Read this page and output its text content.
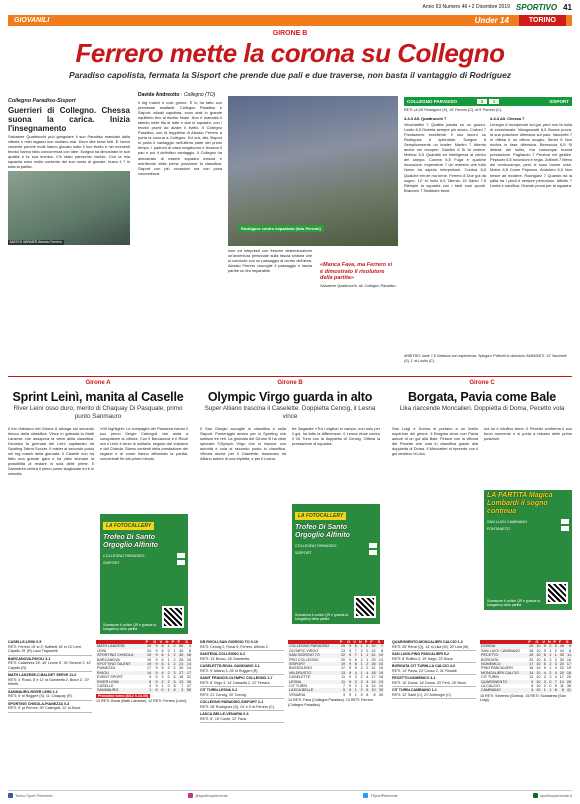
Anno 63 Numero 46 • 2 Dicembre 2019 SPORTIVO 41
GIOVANILI	Under 14	TORINO
GIRONE B
Ferrero mette la corona su Collegno
Paradiso capolista, fermata la Sisport che prende due pali e due traverse, non basta il vantaggio di Rodriguez
Collegno Paradiso-Sisport
Guerrieri di Collegno. Chessa suona la carica. Inizia l'insegnamento

Salvatore Quattrocchi può gongolare il suo Paradiso mandato dalla vittoria e miei ragazzi non mollano mai. Devo dire bravi tutti. È l'anno vincente perché molti hanno giocato sotto il loro livello e nei momenti tecnici hanno fatto concorrenza con idee. Scrigna ha dimostrato le sue qualità e la sua tecnica. C'è stato parecchio rischio. Con la mia squadra sono molto contento del suo modo di giocare, bravo il 7 in tutta la partita.

MATCH WINNER Alessio Ferrero
Davide Andreotto · Collegno (TO)

Il big match è così girone. È lo ha fatto con premesse esaltanti. Collegno Paradiso e Sisport, attuali capolista, sono stati in grande equilibrio fino al fischio finale. Non è mancato il talento nelle fila di tutte e due le squadre, con i tecnici pronti ad alzare il livello. Il Collegno Paradiso, con la doppietta di Alessio Ferrero a porta la corona a Collegno. Ed ora, alla Sisport si porta il vantaggio nell'ultima parte del primo tempo. I padroni di casa reagiscono e trovano il pari e poi il definitivo vantaggio. Il Collegno ha dimostrato di essere squadra matura e meritevole della prima posizione in classifica. Sisport con più occasioni ma con poca concretezza.

Rodriguez contro Impastoto (foto Perroni)

lone ed intepresti con fresche determinazione un'avventura personale sulla fascia sinistra che si conclude con un passaggio al centro dell'area. Alessio Ferrero raccoglie il passaggio e lascia partire un tiro imparabile.

«Manca Fava, ma Ferrero si è dimostrato il risolutore della partita»
Salvatore Quattrocchi, all. Collegno Paradiso
COLLEGNO PARADISO	2	1	SISPORT
RETI: pt 28' Rodriguez (S), 19' Ferrero (C); st 5' Ferrero (C).

4-3-3 All. Quattrocchi 7

Vecchiattini 7 Qualità parata su un guizzo. Losito 6,5 Diventa sempre più sicuro. Curtoni 7 Prestazione eccellente, il suo lavoro su Rodriguez è splendido. Scrigna 8 Semplicemente un leader. Martini 7 Attento anche nei recuperi. Gandini 6 Si fa vedere. Molinar 6,5 Quantità ed intelligenza al centro del campo. Cornea 6,5 Fuga e qualche incursione. Imperatore 7 Un maestro che tutto l'anno ha saputo interpretare. Cordoa 6,5 Qualche errore ma bene. Ferrero 8 Due gol da sogno. 12' st Vullo 6,5 Talento. Di Santo 7,5 Riempie la squadra con i tanti suoi spunti. Bracconi 7 Sostituire bene.

4-3-3 All. Chessa 7

Lenegro 6 Incolpevole sui gol, però non fa nulla di eccezionale. Manguzzotti 6,5 Buona prova, la sua posizione difensiva sul palo. Vacchetti 7 In difesa è un ottimo scoglio. Sener 6 Non rischia in fase difensiva. Bernuccia 6,5 Si distrae del solito, ma comunque buona prestazione. Pagliarulo 7 Preziosi nel gestire. Pepsoex 6,5 Incursioni e regia. Zuffanti 7 Meno del centrocampo, però ci sono buone cose. Moine 6,5 Come Popescu. Andolero 6,5 Non riesce ad incidere. Rodriguez 7 Quando ha la palla tra i piedi è sempre pericoloso. Alfinito 7 Limita e sacrifica. Grande prova per la squadra.

ARBITRO: Iuele 7,5 Gestisce con esperienza. Spinga e Polinelli le decisioni. AMMONITI: 12' Vacchetti (S), 1' st Losito (C).
Girone A
Sprint Leinì, manita al Caselle
River Leinì osso duro, merito di Chaquay Di Pasquale, primo punto Sanmauro

Il trio d'attacco del Girone A allunga sul secondo blocco della classifica. Vince in goleada la Math Lanzese che assapora la vetta della classifica. Decisiva la giornata del Leinì capitanato da Spotting Talent Soccer. Il mister al secondo posto nel big match della giornata. Il Caselle non ha fatto una grande gara e ha visto sfumare la possibilità di restare in scia delle prime. Il Sanmauro centra il primo punto stagionale ed è in crescita.

«Gli highlight» Le compagini del Pianezza hanno il suo primo Sergio Calengoli che aiuta a conquistare la vittoria. Con il Barcanova e il Rivoli ora il Leinì è terzo in solitaria, seguito dal Volpiano e dal Chisola. Siamo contenti della prestazione dei ragazzi e di come hanno affrontato la partita, concentrati fin dal primo minuto.

Girone B
Olympic Virgo guarda in alto
Super Alliano trascina il Caselette. Doppietta Cencig, il Lesna vince

Il San Giorgio accoglie in classifica e sulla Sisport. Pomeriggio amaro per lo Sporting che subisce tre reti. La giornata del Girone B ha visto spiccare l'Olympic Virgo che si impone con autorità e vola al secondo posto in classifica. Vittoria anche per il Caselette, trascinato da Alliano autore di una tripletta, e per il Lesna.

tre Sagarate «Tra i migliori in campo, non solo per il gol, ha fatto la differenza». Il Lesna vince contro il Cit Turin con la doppietta di Cencig. Ottima la prestazione di squadra.

Girone C
Borgata, Pavia come Bale
Lika riaccende Moncalieri. Doppietta di Doma, Pecetto vola

San Luigi e Dorina si portano a un livello superiore del girone. Il Borgata vince con Pavia autore di un gol alla Bale. Finisce con la vittoria del Pecetto che vola in classifica grazie alla doppietta di Doma. Il Moncalieri si riprende con il gol decisivo di Lika.

ma lui è intuitivo bene. Il Pecetto conferma il suo buon momento e si porta a ridosso delle prime posizioni.

LA FOTOCALLERY
Trofeo Di Santo Orgoglio Alfinito
COLLEGNO PARADISO
SISPORT
Scansiona il codice QR e guarda la fotogallery della partita
LA FOTOCALLERY
Trofeo Di Santo Orgoglio Alfinito
COLLEGNO PARADISO
SISPORT
Scansiona il codice QR e guarda la fotogallery della partita
LA PARTITA Magica Lombardi il sogno continua
SAN LUIGI CAMBIANO
FONTANETO
Scansiona il codice QR e guarda la fotogallery della partita
CASELLE-LEINI 0-5
RETI: Ferrero 15' st 2'; Baffanti 16' st 23' Leinì; Capello 19' (R) Lauri Trapanelli.
BARCANOVA-RIVOLI 3-1
RETI: Calabrese 18', 40' Leone 6', 30' Simone 2, 42' Capello (R).
MATH LANZESE-C.BALDET SERVE 11-0
RETI: 4' Rossi, 8' e 12' st Gambetta 2, Bonzi 3', 19' Miretti.
SANMAURO-RIVER LEINI 1-1
RETI: 5' st Ruggeri (S), 11' Chaquay (R).
SPORTING CHISOLA-PIANEZZA 0-3
RETI: 9' pt Perroni, 30' Calengoli, 12' st Dona.
	P	G	V	N	P	F	S
MATH LANZESE	25	9	8	1	0	66	3
LEINI	24	9	8	0	1	45	8
SPORTING CHISOLA	19	9	6	1	2	30	16
BARCANOVA	19	9	6	1	2	28	15
SPOTTING TALENT	19	9	6	1	2	21	14
PIANEZZA	17	9	5	2	2	30	14
RIVOLI	14	9	4	2	3	27	17
EVENT SPORT	9	9	3	0	6	18	32
RIVER LEINI	8	9	2	2	5	13	26
CASELLE	3	9	1	0	8	7	47
SANMAURO	1	9	0	1	8	3	56
Prossimo turno (8/12 h.14.30)
13 RETI: Bonzi (Math Lanzese). 12 RETI: Ferrero (Leinì).
DB RIVOLI-SAN GIORGIO TO 0-10
RETI: Cencig 2, Rossi 5, Ferrero, Alfinito 2.
SANTENA-COLLEGNO 0-2
RETI: 13' Bruno, 18' Gambetta.
CASELETTE-RIVAL GANDIANO 3-1
RETI: 9' Alliano 3, 25' st Ruggeri (R).
SAINT FRANCIS-OLYMPIC COLLEGNO 1-7
RETI: 8' Virgo 3, 14' Cassetta 2, 22' Ferrara.
CIT TURIN-LESNA 0-2
RETI: 21' Cencig, 30' Cencig.
COLLEGNO PARADISO-SISPORT 2-1
RETI: 28' Rodriguez (S), 19' e 5' st Ferrero (C).
LASCA BELLE-VENARIA 0-3
RETI: 8', 15' Conte, 22' Fava.
	P	G	V	N	P	F	S
COLLEGNO PARADISO	25	9	8	1	0	32	7
OLYMPIC VIRGO	23	9	7	2	0	43	8
SAN GIORGIO TO	22	9	7	1	1	41	10
PRO COLLEGNO	20	9	6	2	1	29	13
SISPORT	19	9	6	1	2	25	10
BUSSOLENO	17	9	5	2	2	21	15
VALDRUSTO	13	9	4	1	4	18	19
CASELETTE	11	9	3	2	4	17	18
LESNA	11	9	3	2	4	14	19
CIT TURIN	7	9	2	1	6	12	24
LASCA BELLE	5	9	1	2	6	10	30
VENARIA	3	9	1	0	8	8	40
14 RETI: Fava (Collegno Paradiso). 13 RETI: Ferrero (Collegno Paradiso).
QUARGNENTO-MONCALIERI CALCIO 1-2
RETI: 28' Renzi (Q), 14' st Lika (M), 20' Lika (M).
SAN LUIGI-PINO PANCALIERI 5-2
RETI: 8' Ruffino 2, 19' Negri, 22' Bona.
BORGATA CIT TURIN-LA CALCIO 4-0
RETI: 14' Pavia, 24' Cosso 2, 31' Rinaldi.
PECETTO-NOMEMCO 4-1
RETI: 10' Doma, 18' Doma, 20' Ferri, 25' Bruni.
CIT TURIN-CAMBIANO 1-1
RETI: 12' Santi (C), 21' Ambrogio (C).
	P	G	V	N	P	F	S
DORINA	29	10	9	2	0	49	9
SAN LUIGI CAMBIANO	28	10	9	1	0	44	8
PECETTO	25	10	8	1	1	39	11
BORGATA	20	10	6	2	2	30	16
NOMEMCO	17	10	5	2	3	24	17
PINO PANCALIERI	16	10	5	1	4	22	19
MONCALIERI CALCIO	14	10	4	2	4	20	18
CIT TURIN	12	10	3	3	4	17	20
QUARGNENTO	9	10	3	0	7	14	28
LA CALCIO	6	10	2	0	8	11	36
CAMBIANO	4	10	1	1	8	8	41
16 RETI: Severino (Dorina). 15 RETI: Soldaterra (San Luigi).
Torino Sport Piemonte	@sportivopiemonte	TSportPiemonte	sportivopiemonte.it
